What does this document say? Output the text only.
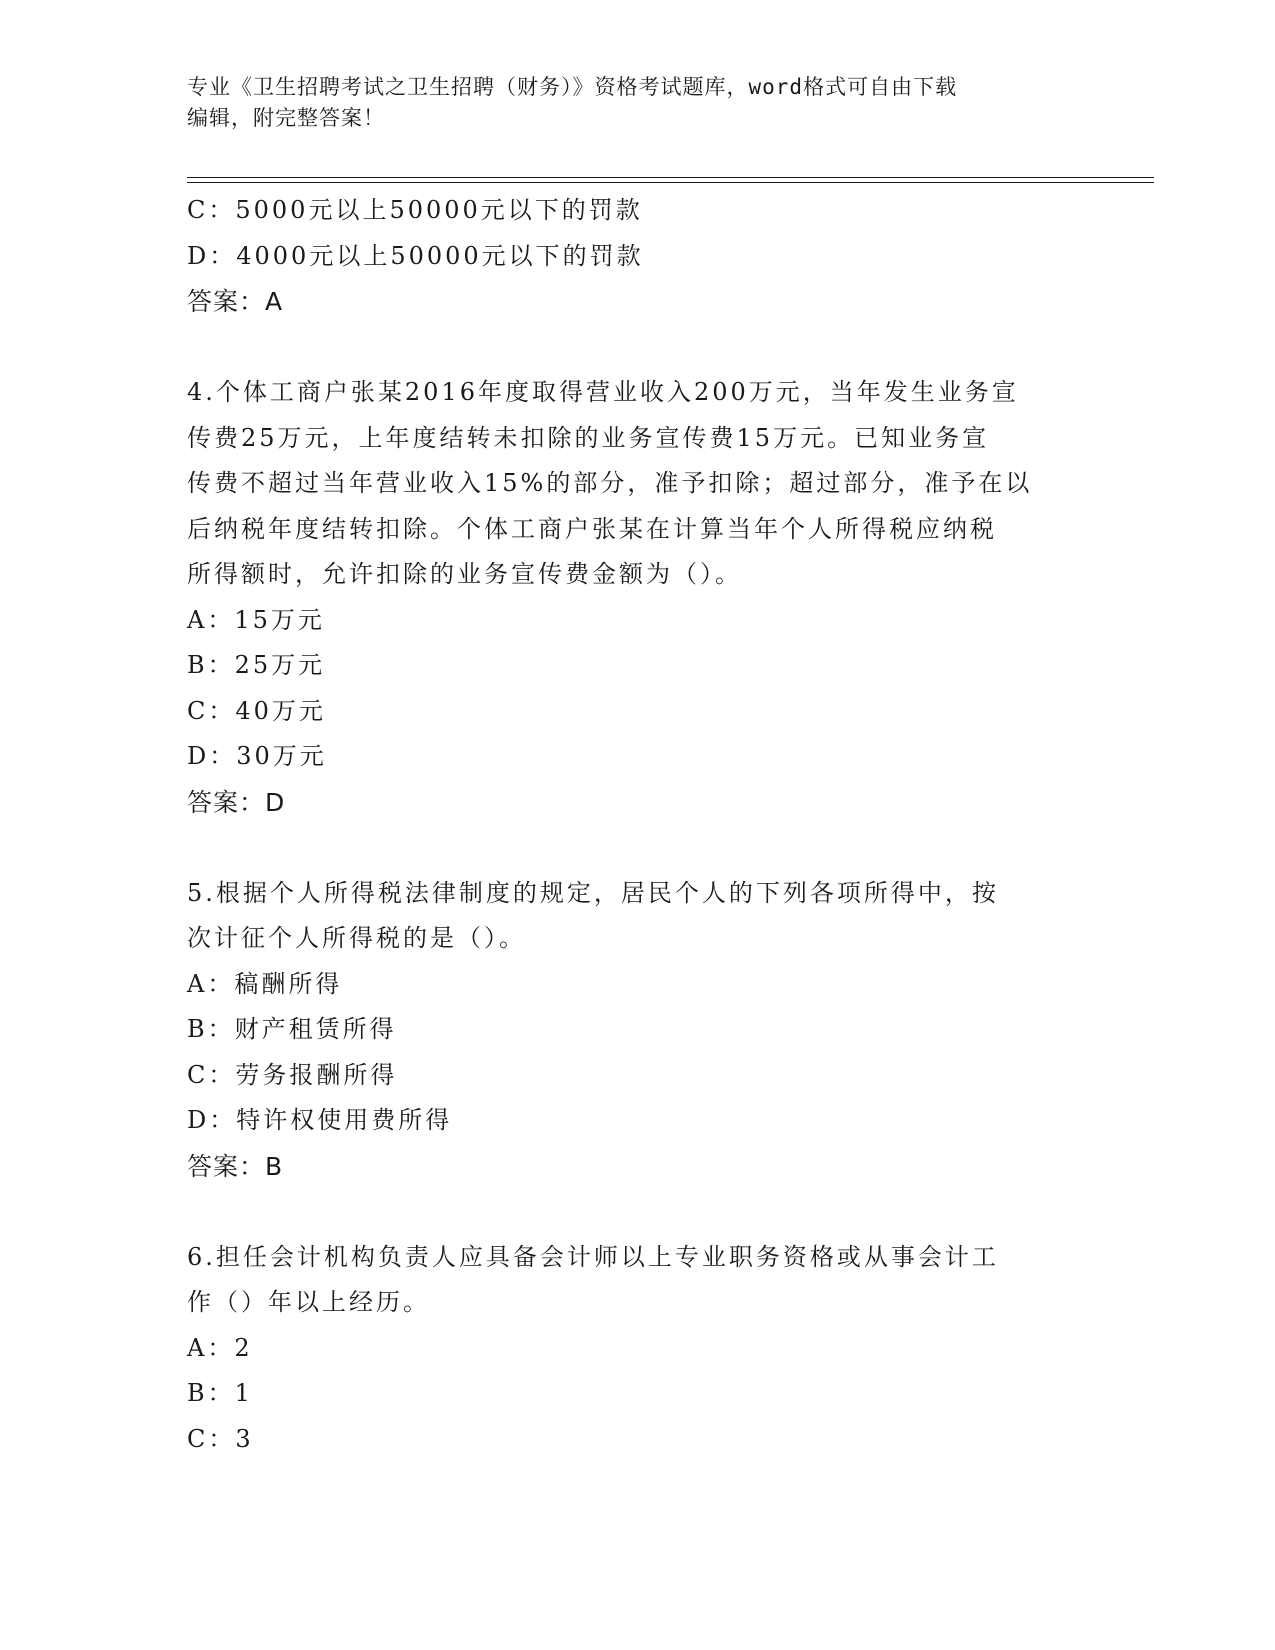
专业《卫生招聘考试之卫生招聘（财务）》资格考试题库，word格式可自由下载
编辑，附完整答案！
C：5000元以上50000元以下的罚款
D：4000元以上50000元以下的罚款
答案：A
4.个体工商户张某2016年度取得营业收入200万元，当年发生业务宣
传费25万元，上年度结转未扣除的业务宣传费15万元。已知业务宣
传费不超过当年营业收入15%的部分，准予扣除；超过部分，准予在以
后纳税年度结转扣除。个体工商户张某在计算当年个人所得税应纳税
所得额时，允许扣除的业务宣传费金额为（）。
A：15万元
B：25万元
C：40万元
D：30万元
答案：D
5.根据个人所得税法律制度的规定，居民个人的下列各项所得中，按
次计征个人所得税的是（）。
A：稿酬所得
B：财产租赁所得
C：劳务报酬所得
D：特许权使用费所得
答案：B
6.担任会计机构负责人应具备会计师以上专业职务资格或从事会计工
作（）年以上经历。
A：2
B：1
C：3
